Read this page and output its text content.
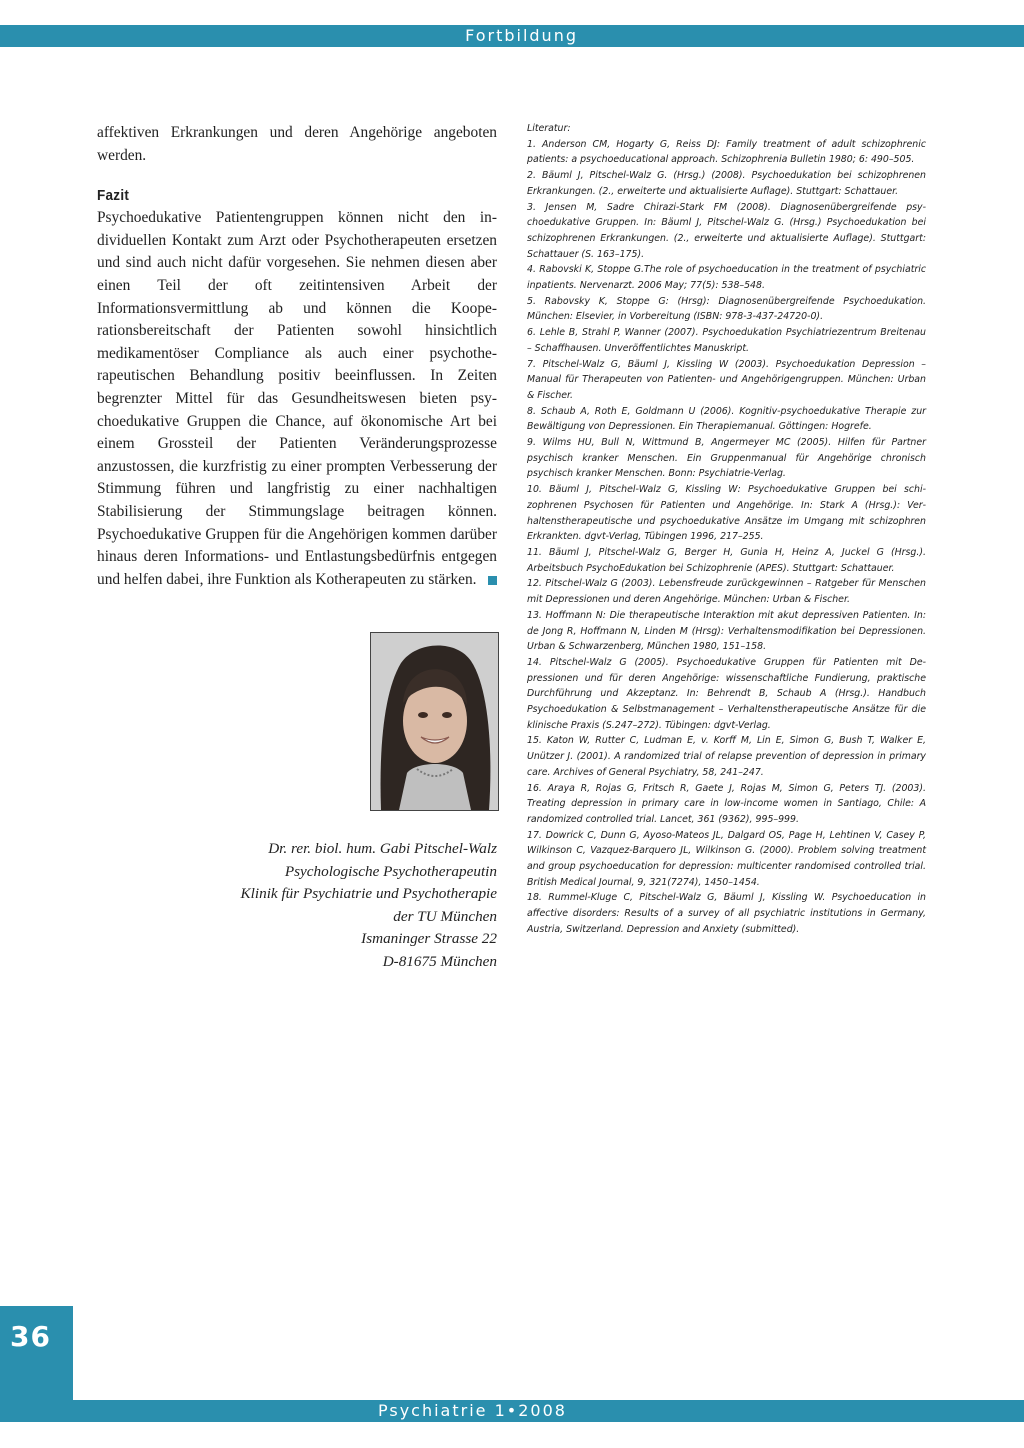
Fortbildung

affektiven Erkrankungen und deren Angehörige angeboten werden.

Fazit

Psychoedukative Patientengruppen können nicht den individuellen Kontakt zum Arzt oder Psychotherapeuten ersetzen und sind auch nicht dafür vorgesehen. Sie nehmen diesen aber einen Teil der oft zeitintensiven Arbeit der Informationsvermittlung ab und können die Kooperationsbereitschaft der Patienten sowohl hinsichtlich medikamentöser Compliance als auch einer psychotherapeutischen Behandlung positiv beeinflussen. In Zeiten begrenzter Mittel für das Gesundheitswesen bieten psychoedukative Gruppen die Chance, auf ökonomische Art bei einem Grossteil der Patienten Veränderungsprozesse anzustossen, die kurzfristig zu einer prompten Verbesserung der Stimmung führen und langfristig zu einer nachhaltigen Stabilisierung der Stimmungslage beitragen können. Psychoedukative Gruppen für die Angehörigen kommen darüber hinaus deren Informations- und Entlastungsbedürfnis entgegen und helfen dabei, ihre Funktion als Kotherapeuten zu stärken.

Dr. rer. biol. hum. Gabi Pitschel-Walz
Psychologische Psychotherapeutin
Klinik für Psychiatrie und Psychotherapie
der TU München
Ismaninger Strasse 22
D-81675 München

Literatur:

1. Anderson CM, Hogarty G, Reiss DJ: Family treatment of adult schizophrenic patients: a psychoeducational approach. Schizophrenia Bulletin 1980; 6: 490–505.

2. Bäuml J, Pitschel-Walz G. (Hrsg.) (2008). Psychoedukation bei schizophrenen Erkrankungen. (2., erweiterte und aktualisierte Auflage). Stuttgart: Schattauer.

3. Jensen M, Sadre Chirazi-Stark FM (2008). Diagnosenübergreifende psychoedukative Gruppen. In: Bäuml J, Pitschel-Walz G. (Hrsg.) Psychoedukation bei schizophrenen Erkrankungen. (2., erweiterte und aktualisierte Auflage). Stuttgart: Schattauer (S. 163–175).

4. Rabovski K, Stoppe G.The role of psychoeducation in the treatment of psychiatric inpatients. Nervenarzt. 2006 May; 77(5): 538–548.

5. Rabovsky K, Stoppe G: (Hrsg): Diagnosenübergreifende Psychoedukation. München: Elsevier, in Vorbereitung (ISBN: 978-3-437-24720-0).

6. Lehle B, Strahl P, Wanner (2007). Psychoedukation Psychiatriezentrum Breitenau – Schaffhausen. Unveröffentlichtes Manuskript.

7. Pitschel-Walz G, Bäuml J, Kissling W (2003). Psychoedukation Depression – Manual für Therapeuten von Patienten- und Angehörigengruppen. München: Urban & Fischer.

8. Schaub A, Roth E, Goldmann U (2006). Kognitiv-psychoedukative Therapie zur Bewältigung von Depressionen. Ein Therapiemanual. Göttingen: Hogrefe.

9. Wilms HU, Bull N, Wittmund B, Angermeyer MC (2005). Hilfen für Partner psychisch kranker Menschen. Ein Gruppenmanual für Angehörige chronisch psychisch kranker Menschen. Bonn: Psychiatrie-Verlag.

10. Bäuml J, Pitschel-Walz G, Kissling W: Psychoedukative Gruppen bei schizophrenen Psychosen für Patienten und Angehörige. In: Stark A (Hrsg.): Verhaltenstherapeutische und psychoedukative Ansätze im Umgang mit schizophren Erkrankten. dgvt-Verlag, Tübingen 1996, 217–255.

11. Bäuml J, Pitschel-Walz G, Berger H, Gunia H, Heinz A, Juckel G (Hrsg.). Arbeitsbuch PsychoEdukation bei Schizophrenie (APES). Stuttgart: Schattauer.

12. Pitschel-Walz G (2003). Lebensfreude zurückgewinnen – Ratgeber für Menschen mit Depressionen und deren Angehörige. München: Urban & Fischer.

13. Hoffmann N: Die therapeutische Interaktion mit akut depressiven Patienten. In: de Jong R, Hoffmann N, Linden M (Hrsg): Verhaltensmodifikation bei Depressionen. Urban & Schwarzenberg, München 1980, 151–158.

14. Pitschel-Walz G (2005). Psychoedukative Gruppen für Patienten mit Depressionen und für deren Angehörige: wissenschaftliche Fundierung, praktische Durchführung und Akzeptanz. In: Behrendt B, Schaub A (Hrsg.). Handbuch Psychoedukation & Selbstmanagement – Verhaltenstherapeutische Ansätze für die klinische Praxis (S.247–272). Tübingen: dgvt-Verlag.

15. Katon W, Rutter C, Ludman E, v. Korff M, Lin E, Simon G, Bush T, Walker E, Unützer J. (2001). A randomized trial of relapse prevention of depression in primary care. Archives of General Psychiatry, 58, 241–247.

16. Araya R, Rojas G, Fritsch R, Gaete J, Rojas M, Simon G, Peters TJ. (2003). Treating depression in primary care in low-income women in Santiago, Chile: A randomized controlled trial. Lancet, 361 (9362), 995–999.

17. Dowrick C, Dunn G, Ayoso-Mateos JL, Dalgard OS, Page H, Lehtinen V, Casey P, Wilkinson C, Vazquez-Barquero JL, Wilkinson G. (2000). Problem solving treatment and group psychoeducation for depression: multicenter randomised controlled trial. British Medical Journal, 9, 321(7274), 1450–1454.

18. Rummel-Kluge C, Pitschel-Walz G, Bäuml J, Kissling W. Psychoeducation in affective disorders: Results of a survey of all psychiatric institutions in Germany, Austria, Switzerland. Depression and Anxiety (submitted).

36
Psychiatrie 1•2008
